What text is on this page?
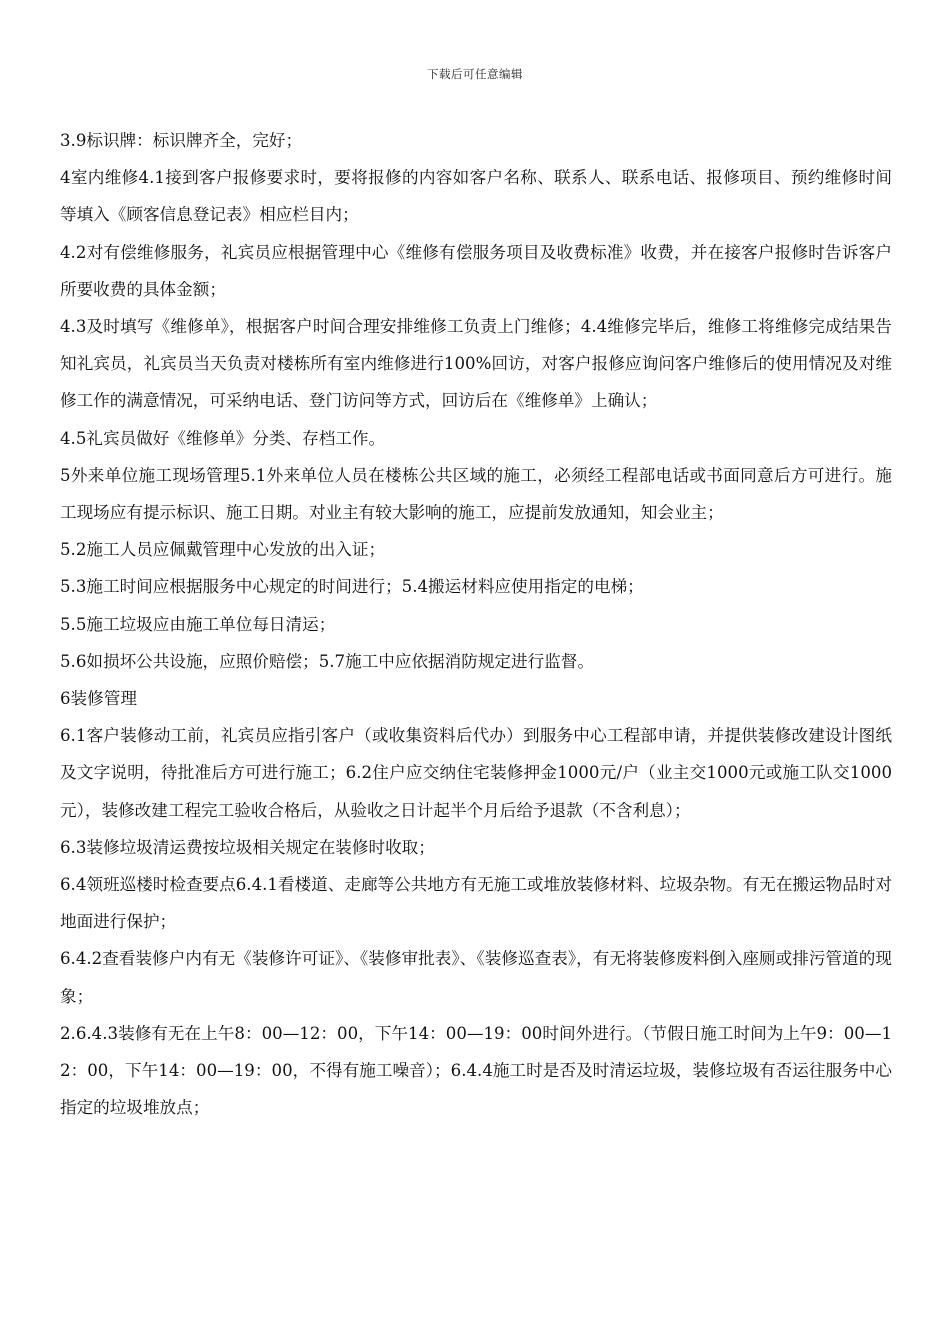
下载后可任意编辑

3.9标识牌：标识牌齐全，完好；

4室内维修4.1接到客户报修要求时，要将报修的内容如客户名称、联系人、联系电话、报修项目、预约维修时间等填入《顾客信息登记表》相应栏目内；

4.2对有偿维修服务，礼宾员应根据管理中心《维修有偿服务项目及收费标准》收费，并在接客户报修时告诉客户所要收费的具体金额；

4.3及时填写《维修单》，根据客户时间合理安排维修工负责上门维修；4.4维修完毕后，维修工将维修完成结果告知礼宾员，礼宾员当天负责对楼栋所有室内维修进行100%回访，对客户报修应询问客户维修后的使用情况及对维修工作的满意情况，可采纳电话、登门访问等方式，回访后在《维修单》上确认；

4.5礼宾员做好《维修单》分类、存档工作。

5外来单位施工现场管理5.1外来单位人员在楼栋公共区域的施工，必须经工程部电话或书面同意后方可进行。施工现场应有提示标识、施工日期。对业主有较大影响的施工，应提前发放通知，知会业主；

5.2施工人员应佩戴管理中心发放的出入证；

5.3施工时间应根据服务中心规定的时间进行；5.4搬运材料应使用指定的电梯；

5.5施工垃圾应由施工单位每日清运；

5.6如损坏公共设施，应照价赔偿；5.7施工中应依据消防规定进行监督。

6装修管理

6.1客户装修动工前，礼宾员应指引客户（或收集资料后代办）到服务中心工程部申请，并提供装修改建设计图纸及文字说明，待批准后方可进行施工；6.2住户应交纳住宅装修押金1000元/户（业主交1000元或施工队交1000元），装修改建工程完工验收合格后，从验收之日计起半个月后给予退款（不含利息）；

6.3装修垃圾清运费按垃圾相关规定在装修时收取；

6.4领班巡楼时检查要点6.4.1看楼道、走廊等公共地方有无施工或堆放装修材料、垃圾杂物。有无在搬运物品时对地面进行保护；

6.4.2查看装修户内有无《装修许可证》、《装修审批表》、《装修巡查表》，有无将装修废料倒入座厕或排污管道的现象；

2.6.4.3装修有无在上午8：00—12：00，下午14：00—19：00时间外进行。（节假日施工时间为上午9：00—12：00，下午14：00—19：00，不得有施工噪音）；6.4.4施工时是否及时清运垃圾，装修垃圾有否运往服务中心指定的垃圾堆放点；
